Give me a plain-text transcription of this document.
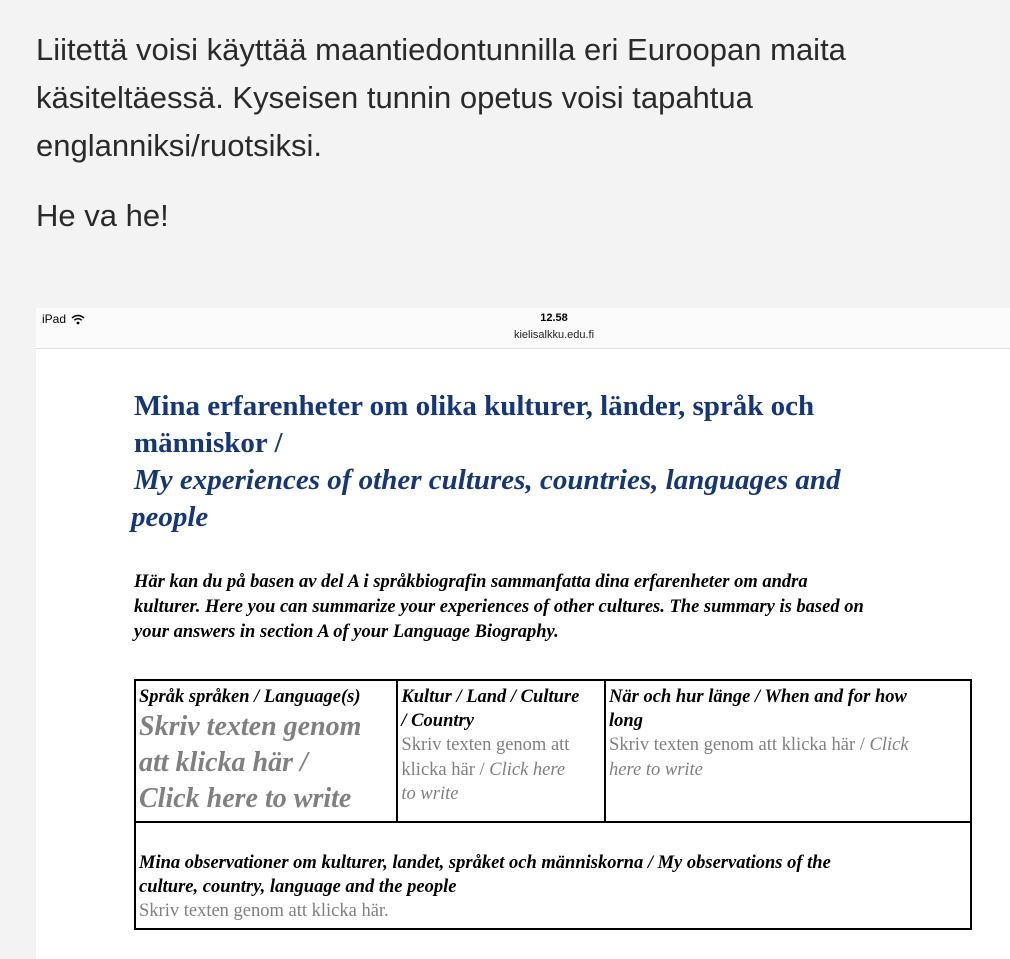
Liitettä voisi käyttää maantiedontunnilla eri Euroopan maita
käsiteltäessä. Kyseisen tunnin opetus voisi tapahtua
englanniksi/ruotsiksi.

He va he!

iPad	12.58
kielisalkku.edu.fi
Mina erfarenheter om olika kulturer, länder, språk och
människor /
My experiences of other cultures, countries, languages and
people
Här kan du på basen av del A i språkbiografin sammanfatta dina erfarenheter om andra
kulturer. Here you can summarize your experiences of other cultures. The summary is based on
your answers in section A of your Language Biography.
Språk språken / Language(s)
Skriv texten genom
att klicka här /
Click here to write

Kultur / Land / Culture
/ Country
Skriv texten genom att
klicka här / Click here
to write

När och hur länge / When and for how
long
Skriv texten genom att klicka här / Click
here to write

Mina observationer om kulturer, landet, språket och människorna / My observations of the
culture, country, language and the people
Skriv texten genom att klicka här.
